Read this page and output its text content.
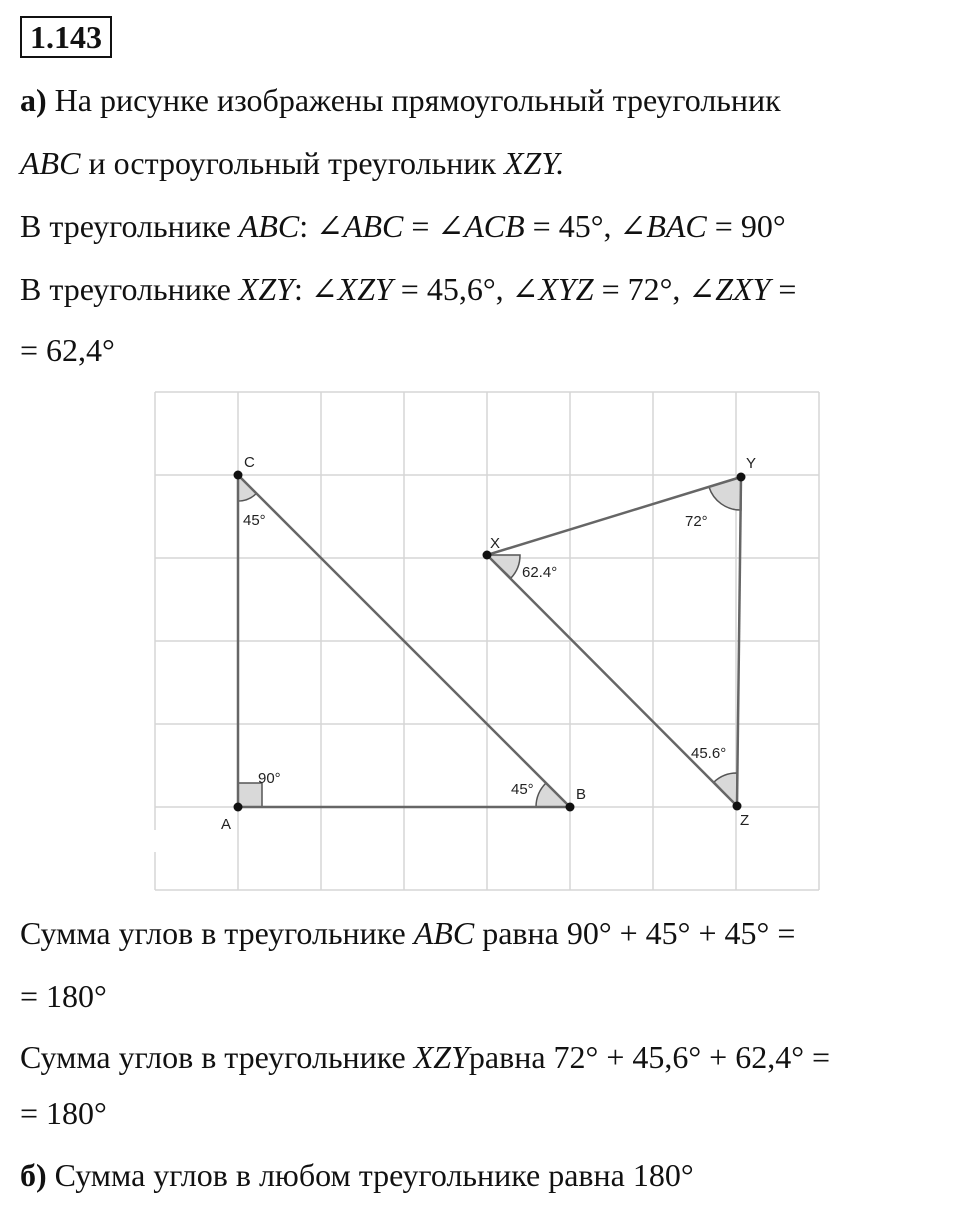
1.143
а) На рисунке изображены прямоугольный треугольник
ABC и остроугольный треугольник XZY.
В треугольнике ABC: ∠ABC = ∠ACB = 45°, ∠BAC = 90°
В треугольнике XZY: ∠XZY = 45,6°, ∠XYZ = 72°, ∠ZXY =
= 62,4°
C
A
B
X
Y
Z
45°
90°
45°
62.4°
72°
45.6°
Сумма углов в треугольнике ABC равна 90° + 45° + 45° =
= 180°
Сумма углов в треугольнике XZYравна 72° + 45,6° + 62,4° =
= 180°
б) Сумма углов в любом треугольнике равна 180°
